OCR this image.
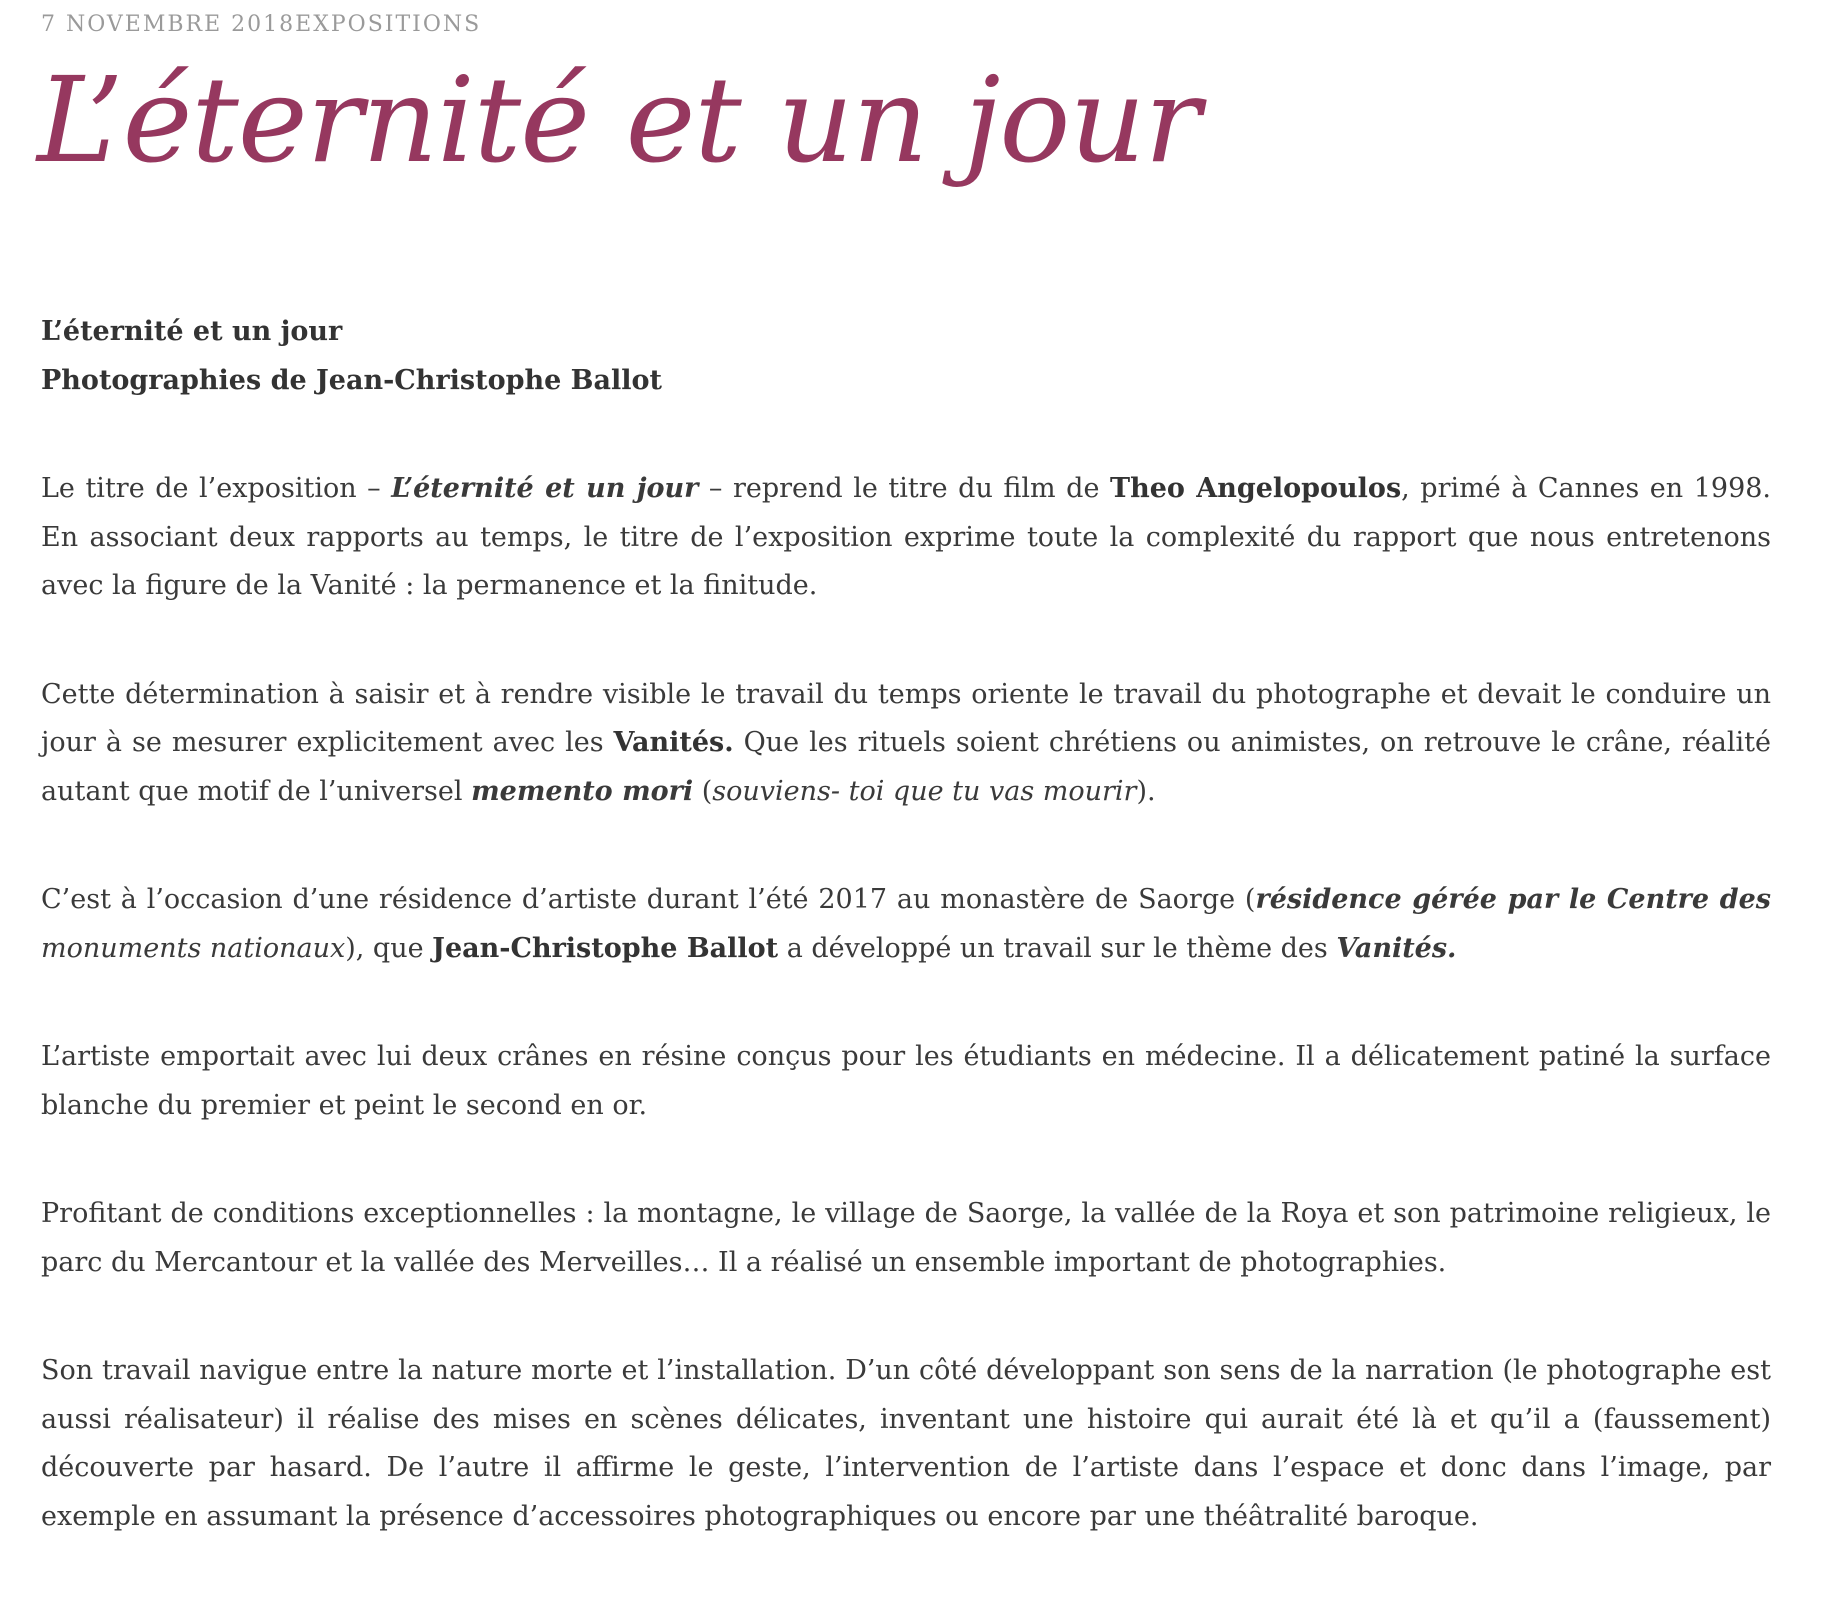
7 NOVEMBRE 2018EXPOSITIONS
L’éternité et un jour

L’éternité et un jour
Photographies de Jean-Christophe Ballot

Le titre de l’exposition – L’éternité et un jour – reprend le titre du film de Theo Angelopoulos, primé à Cannes en 1998. En associant deux rapports au temps, le titre de l’exposition exprime toute la complexité du rapport que nous entretenons avec la figure de la Vanité : la permanence et la finitude.

Cette détermination à saisir et à rendre visible le travail du temps oriente le travail du photographe et devait le conduire un jour à se mesurer explicitement avec les Vanités. Que les rituels soient chrétiens ou animistes, on retrouve le crâne, réalité autant que motif de l’universel memento mori (souviens- toi que tu vas mourir).

C’est à l’occasion d’une résidence d’artiste durant l’été 2017 au monastère de Saorge (résidence gérée par le Centre des monuments nationaux), que Jean-Christophe Ballot a développé un travail sur le thème des Vanités.

L’artiste emportait avec lui deux crânes en résine conçus pour les étudiants en médecine. Il a délicatement patiné la surface blanche du premier et peint le second en or.

Profitant de conditions exceptionnelles : la montagne, le village de Saorge, la vallée de la Roya et son patrimoine religieux, le parc du Mercantour et la vallée des Merveilles… Il a réalisé un ensemble important de photographies.

Son travail navigue entre la nature morte et l’installation. D’un côté développant son sens de la narration (le photographe est aussi réalisateur) il réalise des mises en scènes délicates, inventant une histoire qui aurait été là et qu’il a (faussement) découverte par hasard. De l’autre il affirme le geste, l’intervention de l’artiste dans l’espace et donc dans l’image, par exemple en assumant la présence d’accessoires photographiques ou encore par une théâtralité baroque.
